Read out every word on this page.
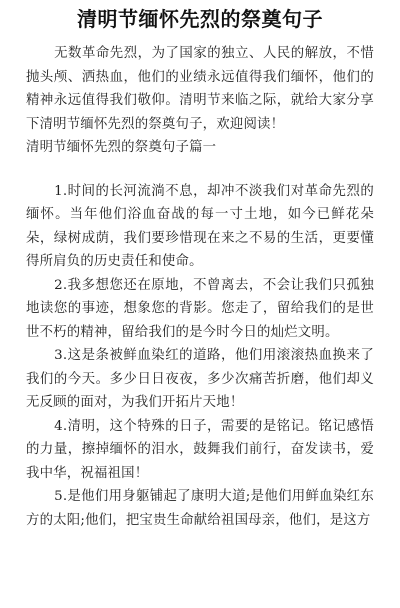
清明节缅怀先烈的祭奠句子

无数革命先烈，为了国家的独立、人民的解放，不惜抛头颅、洒热血，他们的业绩永远值得我们缅怀，他们的精神永远值得我们敬仰。清明节来临之际，就给大家分享下清明节缅怀先烈的祭奠句子，欢迎阅读！

清明节缅怀先烈的祭奠句子篇一

1.时间的长河流淌不息，却冲不淡我们对革命先烈的缅怀。当年他们浴血奋战的每一寸土地，如今已鲜花朵朵，绿树成荫，我们要珍惜现在来之不易的生活，更要懂得所肩负的历史责任和使命。

2.我多想您还在原地，不曾离去，不会让我们只孤独地读您的事迹，想象您的背影。您走了，留给我们的是世世不朽的精神，留给我们的是今时今日的灿烂文明。

3.这是条被鲜血染红的道路，他们用滚滚热血换来了我们的今天。多少日日夜夜，多少次痛苦折磨，他们却义无反顾的面对，为我们开拓片天地！

4.清明，这个特殊的日子，需要的是铭记。铭记感悟的力量，擦掉缅怀的泪水，鼓舞我们前行，奋发读书，爱我中华，祝福祖国！

5.是他们用身躯铺起了康明大道;是他们用鲜血染红东方的太阳;他们，把宝贵生命献给祖国母亲，他们，是这方
